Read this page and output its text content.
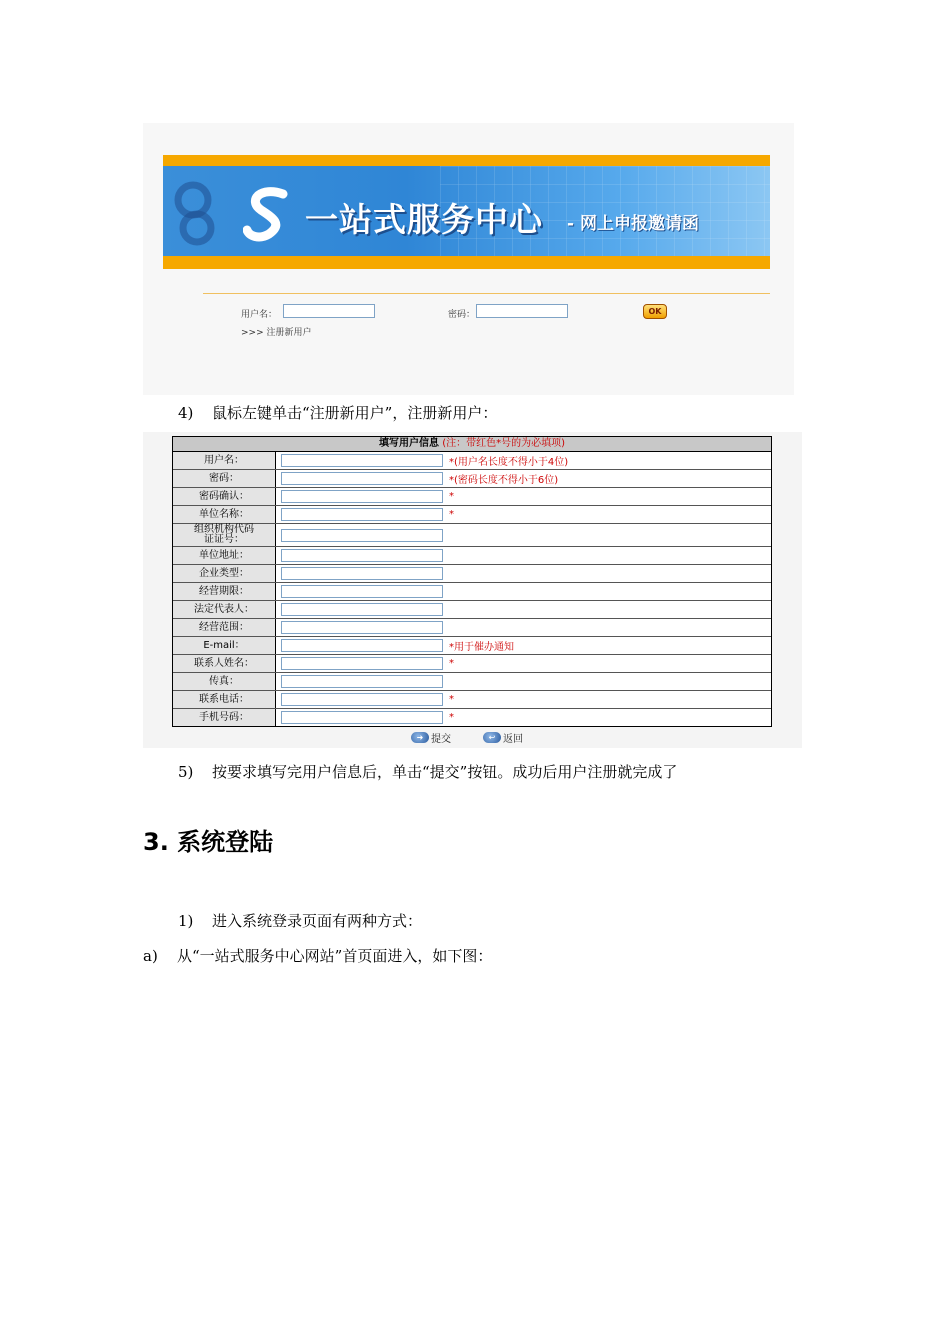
一站式服务中心 - 网上申报邀请函
用户名：	密码：	OK
>>> 注册新用户
4) 鼠标左键单击“注册新用户”，注册新用户：
填写用户信息 (注：带红色*号的为必填项)
用户名：	*(用户名长度不得小于4位)
密码：	*(密码长度不得小于6位)
密码确认：	*
单位名称：	*
组织机构代码
证证号：
单位地址：
企业类型：
经营期限：
法定代表人：
经营范围：
E-mail：	*用于催办通知
联系人姓名：	*
传真：
联系电话：	*
手机号码：	*
➜ 提交	↩ 返回
5) 按要求填写完用户信息后，单击“提交”按钮。成功后用户注册就完成了
3. 系统登陆
1) 进入系统登录页面有两种方式：
a) 从“一站式服务中心网站”首页面进入，如下图：
